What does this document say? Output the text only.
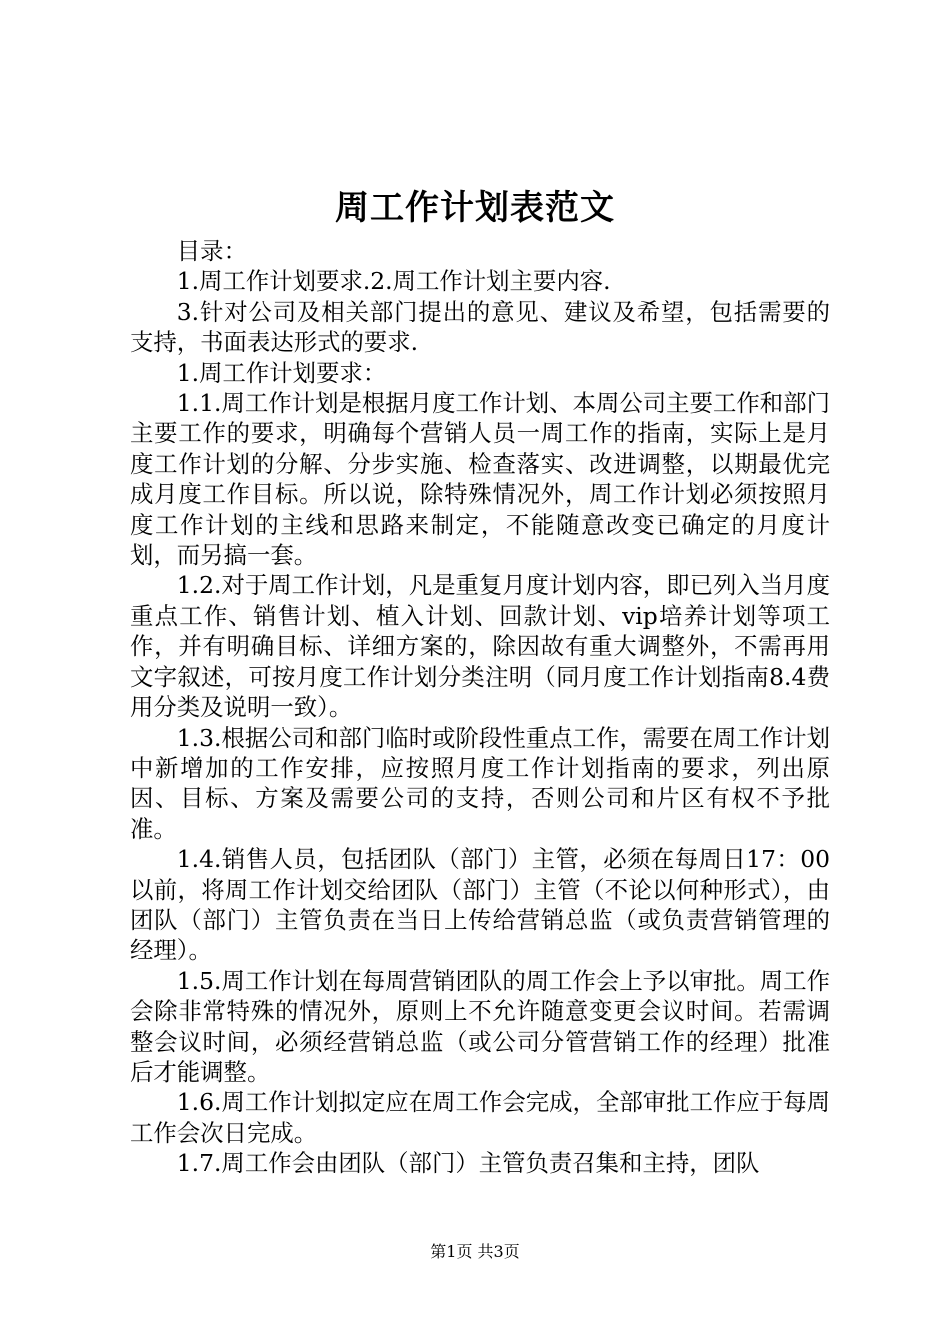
周工作计划表范文

目录：

1.周工作计划要求.2.周工作计划主要内容.

3.针对公司及相关部门提出的意见、建议及希望，包括需要的支持，书面表达形式的要求.

1.周工作计划要求：

1.1.周工作计划是根据月度工作计划、本周公司主要工作和部门主要工作的要求，明确每个营销人员一周工作的指南，实际上是月度工作计划的分解、分步实施、检查落实、改进调整，以期最优完成月度工作目标。所以说，除特殊情况外，周工作计划必须按照月度工作计划的主线和思路来制定，不能随意改变已确定的月度计划，而另搞一套。

1.2.对于周工作计划，凡是重复月度计划内容，即已列入当月度重点工作、销售计划、植入计划、回款计划、vip培养计划等项工作，并有明确目标、详细方案的，除因故有重大调整外，不需再用文字叙述，可按月度工作计划分类注明（同月度工作计划指南8.4费用分类及说明一致）。

1.3.根据公司和部门临时或阶段性重点工作，需要在周工作计划中新增加的工作安排，应按照月度工作计划指南的要求，列出原因、目标、方案及需要公司的支持，否则公司和片区有权不予批准。

1.4.销售人员，包括团队（部门）主管，必须在每周日17：00以前，将周工作计划交给团队（部门）主管（不论以何种形式），由团队（部门）主管负责在当日上传给营销总监（或负责营销管理的经理）。

1.5.周工作计划在每周营销团队的周工作会上予以审批。周工作会除非常特殊的情况外，原则上不允许随意变更会议时间。若需调整会议时间，必须经营销总监（或公司分管营销工作的经理）批准后才能调整。

1.6.周工作计划拟定应在周工作会完成，全部审批工作应于每周工作会次日完成。

1.7.周工作会由团队（部门）主管负责召集和主持，团队

第1页 共3页
